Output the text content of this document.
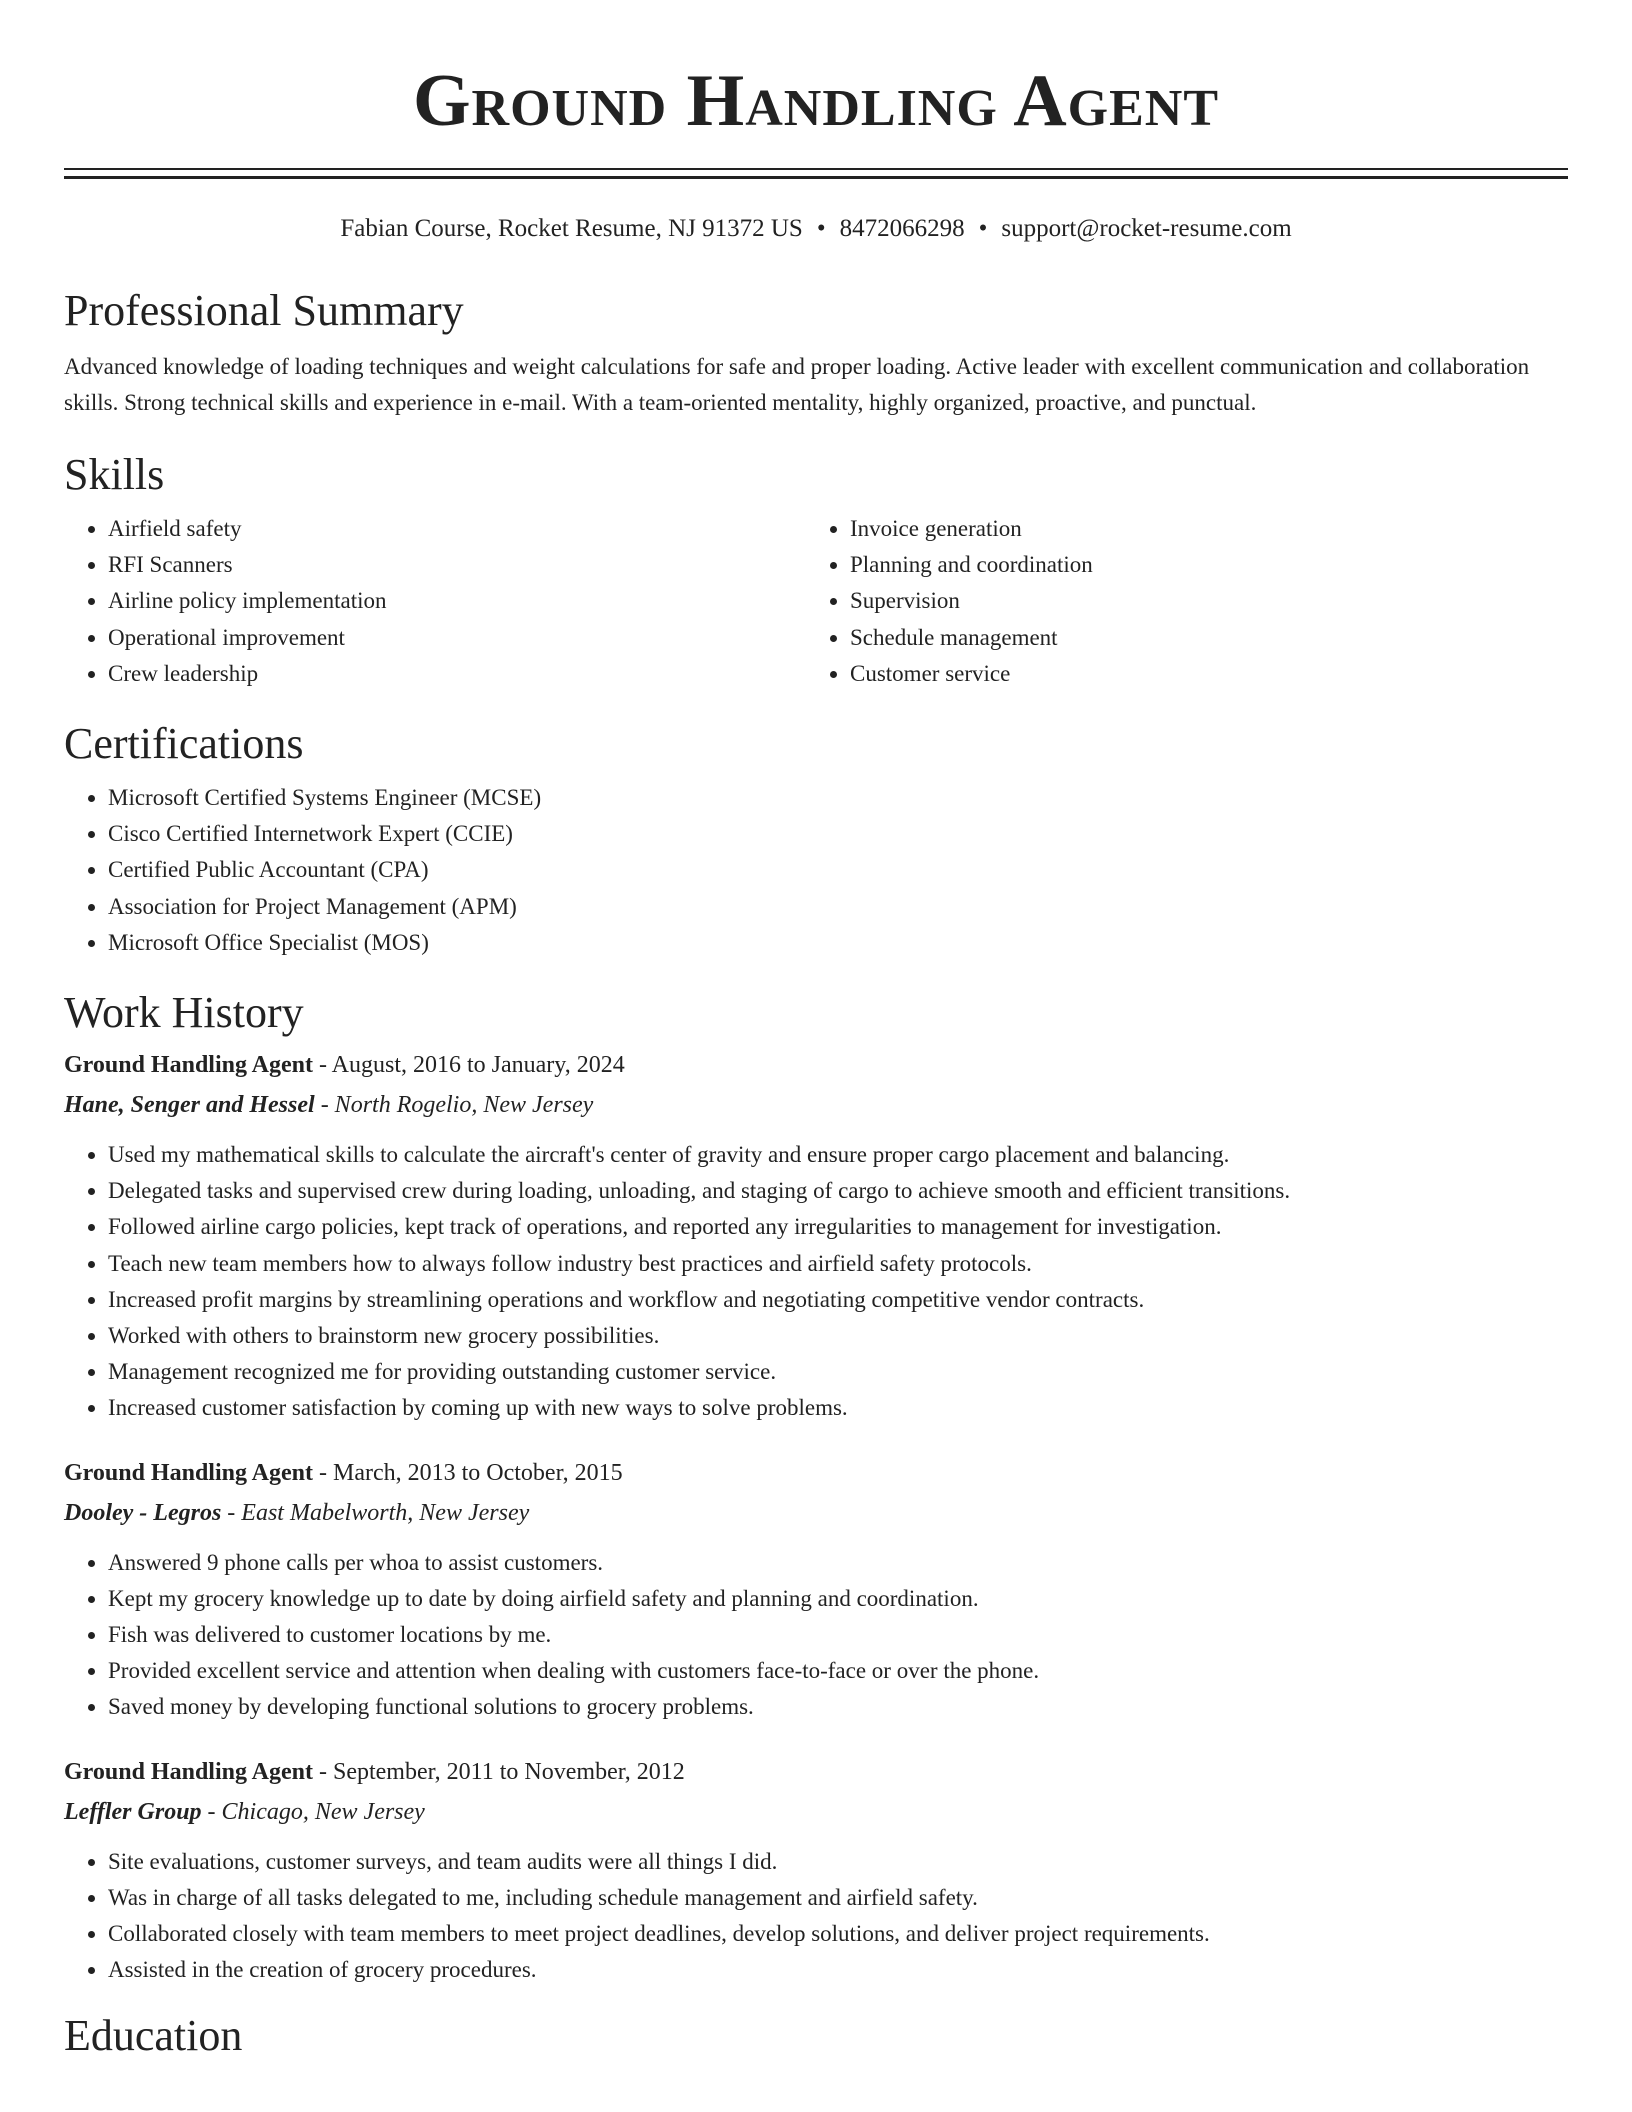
Ground Handling Agent
Fabian Course, Rocket Resume, NJ 91372 US • 8472066298 • support@rocket-resume.com
Professional Summary

Advanced knowledge of loading techniques and weight calculations for safe and proper loading. Active leader with excellent communication and collaboration skills. Strong technical skills and experience in e-mail. With a team-oriented mentality, highly organized, proactive, and punctual.

Skills
• Airfield safety
• RFI Scanners
• Airline policy implementation
• Operational improvement
• Crew leadership
• Invoice generation
• Planning and coordination
• Supervision
• Schedule management
• Customer service
Certifications
• Microsoft Certified Systems Engineer (MCSE)
• Cisco Certified Internetwork Expert (CCIE)
• Certified Public Accountant (CPA)
• Association for Project Management (APM)
• Microsoft Office Specialist (MOS)
Work History
Ground Handling Agent - August, 2016 to January, 2024
Hane, Senger and Hessel - North Rogelio, New Jersey
• Used my mathematical skills to calculate the aircraft's center of gravity and ensure proper cargo placement and balancing.
• Delegated tasks and supervised crew during loading, unloading, and staging of cargo to achieve smooth and efficient transitions.
• Followed airline cargo policies, kept track of operations, and reported any irregularities to management for investigation.
• Teach new team members how to always follow industry best practices and airfield safety protocols.
• Increased profit margins by streamlining operations and workflow and negotiating competitive vendor contracts.
• Worked with others to brainstorm new grocery possibilities.
• Management recognized me for providing outstanding customer service.
• Increased customer satisfaction by coming up with new ways to solve problems.
Ground Handling Agent - March, 2013 to October, 2015
Dooley - Legros - East Mabelworth, New Jersey
• Answered 9 phone calls per whoa to assist customers.
• Kept my grocery knowledge up to date by doing airfield safety and planning and coordination.
• Fish was delivered to customer locations by me.
• Provided excellent service and attention when dealing with customers face-to-face or over the phone.
• Saved money by developing functional solutions to grocery problems.
Ground Handling Agent - September, 2011 to November, 2012
Leffler Group - Chicago, New Jersey
• Site evaluations, customer surveys, and team audits were all things I did.
• Was in charge of all tasks delegated to me, including schedule management and airfield safety.
• Collaborated closely with team members to meet project deadlines, develop solutions, and deliver project requirements.
• Assisted in the creation of grocery procedures.
Education
